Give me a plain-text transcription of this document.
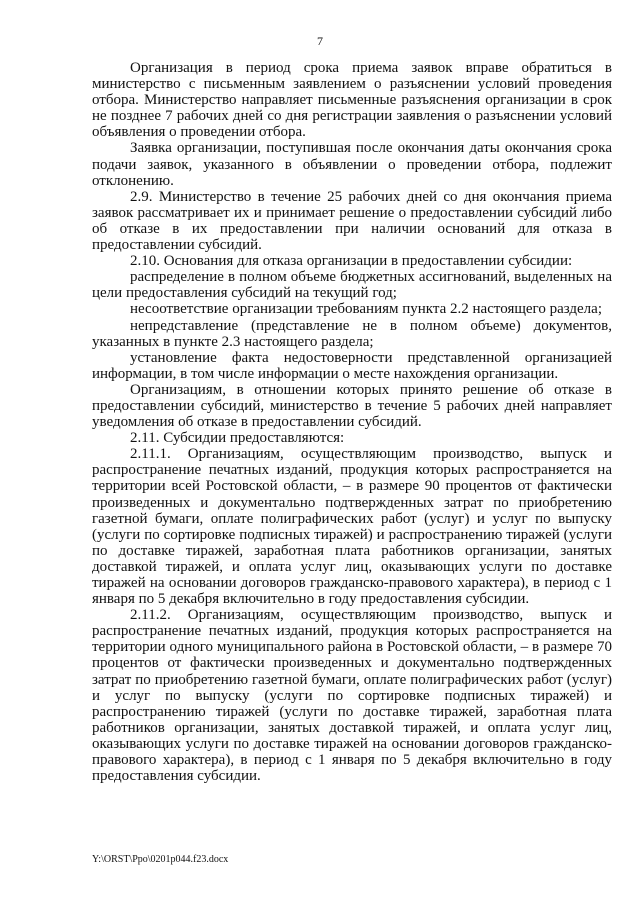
7

Организация в период срока приема заявок вправе обратиться в министерство с письменным заявлением о разъяснении условий проведения отбора. Министерство направляет письменные разъяснения организации в срок не позднее 7 рабочих дней со дня регистрации заявления о разъяснении условий объявления о проведении отбора.

Заявка организации, поступившая после окончания даты окончания срока подачи заявок, указанного в объявлении о проведении отбора, подлежит отклонению.

2.9. Министерство в течение 25 рабочих дней со дня окончания приема заявок рассматривает их и принимает решение о предоставлении субсидий либо об отказе в их предоставлении при наличии оснований для отказа в предоставлении субсидий.

2.10. Основания для отказа организации в предоставлении субсидии:

распределение в полном объеме бюджетных ассигнований, выделенных на цели предоставления субсидий на текущий год;

несоответствие организации требованиям пункта 2.2 настоящего раздела;

непредставление (представление не в полном объеме) документов, указанных в пункте 2.3 настоящего раздела;

установление факта недостоверности представленной организацией информации, в том числе информации о месте нахождения организации.

Организациям, в отношении которых принято решение об отказе в предоставлении субсидий, министерство в течение 5 рабочих дней направляет уведомления об отказе в предоставлении субсидий.

2.11. Субсидии предоставляются:

2.11.1. Организациям, осуществляющим производство, выпуск и распространение печатных изданий, продукция которых распространяется на территории всей Ростовской области, – в размере 90 процентов от фактически произведенных и документально подтвержденных затрат по приобретению газетной бумаги, оплате полиграфических работ (услуг) и услуг по выпуску (услуги по сортировке подписных тиражей) и распространению тиражей (услуги по доставке тиражей, заработная плата работников организации, занятых доставкой тиражей, и оплата услуг лиц, оказывающих услуги по доставке тиражей на основании договоров гражданско-правового характера), в период с 1 января по 5 декабря включительно в году предоставления субсидии.

2.11.2. Организациям, осуществляющим производство, выпуск и распространение печатных изданий, продукция которых распространяется на территории одного муниципального района в Ростовской области, – в размере 70 процентов от фактически произведенных и документально подтвержденных затрат по приобретению газетной бумаги, оплате полиграфических работ (услуг) и услуг по выпуску (услуги по сортировке подписных тиражей) и распространению тиражей (услуги по доставке тиражей, заработная плата работников организации, занятых доставкой тиражей, и оплата услуг лиц, оказывающих услуги по доставке тиражей на основании договоров гражданско-правового характера), в период с 1 января по 5 декабря включительно в году предоставления субсидии.

Y:\ORST\Ppo\0201p044.f23.docx
